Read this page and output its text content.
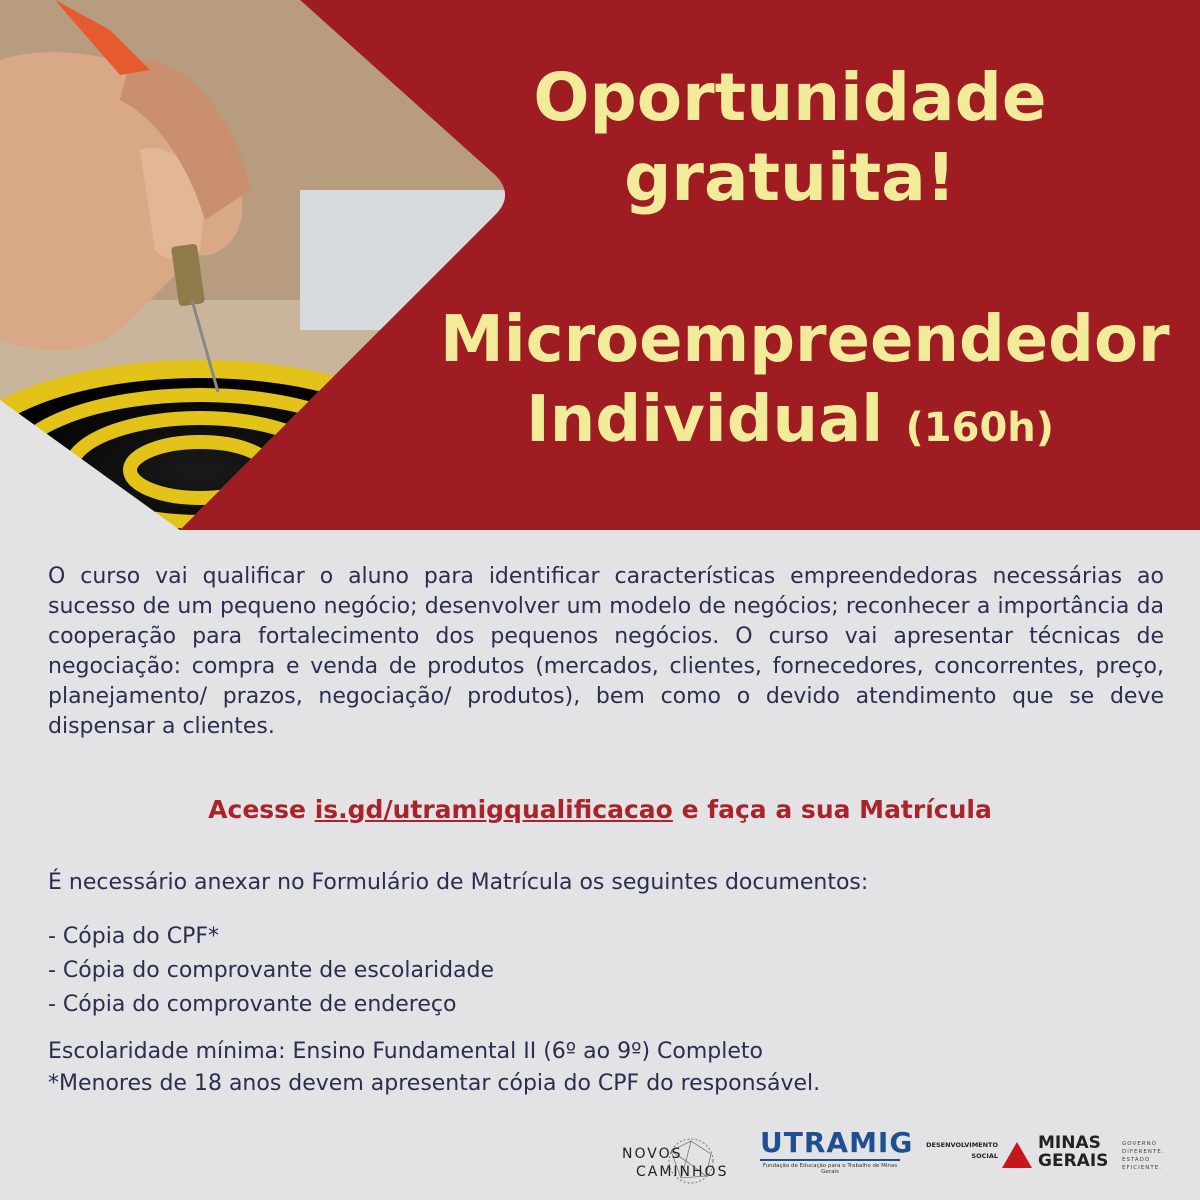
Oportunidade
gratuita!

Microempreendedor
Individual (160h)

O curso vai qualificar o aluno para identificar características empreendedoras necessárias ao sucesso de um pequeno negócio; desenvolver um modelo de negócios; reconhecer a importância da cooperação para fortalecimento dos pequenos negócios. O curso vai apresentar técnicas de negociação: compra e venda de produtos (mercados, clientes, fornecedores, concorrentes, preço, planejamento/ prazos, negociação/ produtos), bem como o devido atendimento que se deve dispensar a clientes.

Acesse is.gd/utramigqualificacao e faça a sua Matrícula

É necessário anexar no Formulário de Matrícula os seguintes documentos:

- Cópia do CPF*
- Cópia do comprovante de escolaridade
- Cópia do comprovante de endereço

Escolaridade mínima: Ensino Fundamental II (6º ao 9º) Completo
*Menores de 18 anos devem apresentar cópia do CPF do responsável.

NOVOS
CAMINHOS
UTRAMIG
Fundação de Educação para o Trabalho de Minas Gerais
DESENVOLVIMENTO
SOCIAL
MINAS
GERAIS
GOVERNO
DIFERENTE.
ESTADO
EFICIENTE.
